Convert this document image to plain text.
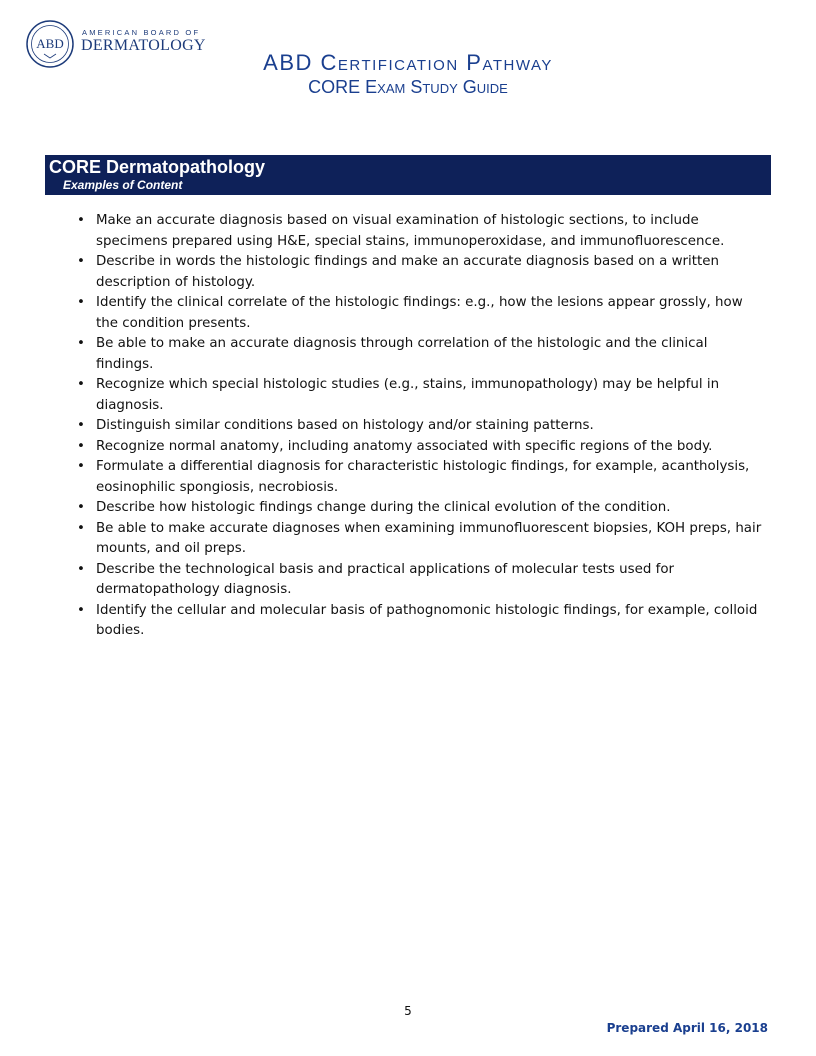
ABD
AMERICAN BOARD OF
DERMATOLOGY
ABD Certification Pathway
CORE Exam Study Guide
CORE Dermatopathology
Examples of Content
• Make an accurate diagnosis based on visual examination of histologic sections, to include specimens prepared using H&E, special stains, immunoperoxidase, and immunofluorescence.
• Describe in words the histologic findings and make an accurate diagnosis based on a written description of histology.
• Identify the clinical correlate of the histologic findings: e.g., how the lesions appear grossly, how the condition presents.
• Be able to make an accurate diagnosis through correlation of the histologic and the clinical findings.
• Recognize which special histologic studies (e.g., stains, immunopathology) may be helpful in diagnosis.
• Distinguish similar conditions based on histology and/or staining patterns.
• Recognize normal anatomy, including anatomy associated with specific regions of the body.
• Formulate a differential diagnosis for characteristic histologic findings, for example, acantholysis, eosinophilic spongiosis, necrobiosis.
• Describe how histologic findings change during the clinical evolution of the condition.
• Be able to make accurate diagnoses when examining immunofluorescent biopsies, KOH preps, hair mounts, and oil preps.
• Describe the technological basis and practical applications of molecular tests used for dermatopathology diagnosis.
• Identify the cellular and molecular basis of pathognomonic histologic findings, for example, colloid bodies.
5
Prepared April 16, 2018
